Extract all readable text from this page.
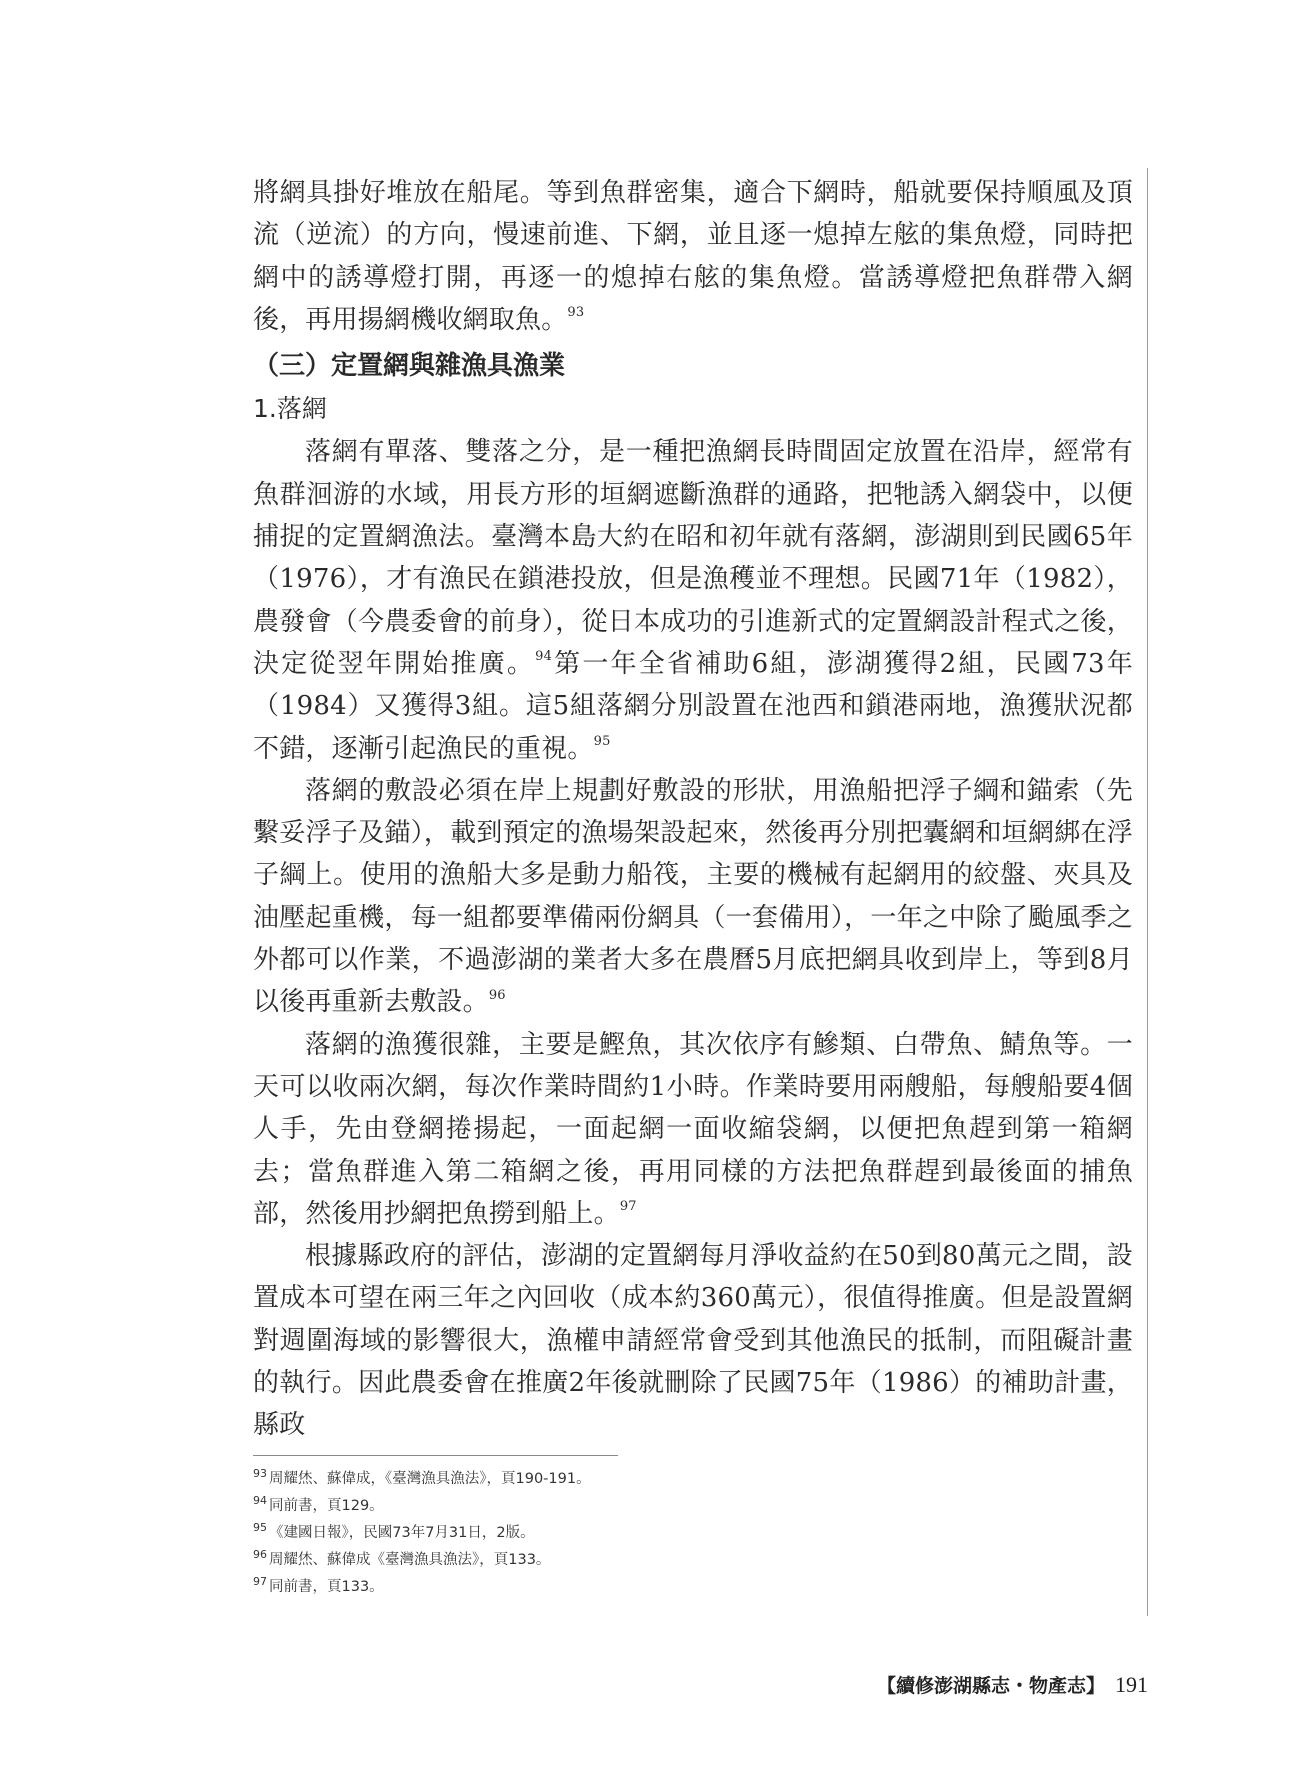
將網具掛好堆放在船尾。等到魚群密集，適合下網時，船就要保持順風及頂流（逆流）的方向，慢速前進、下網，並且逐一熄掉左舷的集魚燈，同時把網中的誘導燈打開，再逐一的熄掉右舷的集魚燈。當誘導燈把魚群帶入網後，再用揚網機收網取魚。$^{93}$

（三）定置網與雜漁具漁業

1.落網

落網有單落、雙落之分，是一種把漁網長時間固定放置在沿岸，經常有魚群洄游的水域，用長方形的垣網遮斷漁群的通路，把牠誘入網袋中，以便捕捉的定置網漁法。臺灣本島大約在昭和初年就有落網，澎湖則到民國65年（1976），才有漁民在鎖港投放，但是漁穫並不理想。民國71年（1982），農發會（今農委會的前身），從日本成功的引進新式的定置網設計程式之後，決定從翌年開始推廣。$^{94}$第一年全省補助6組，澎湖獲得2組，民國73年（1984）又獲得3組。這5組落網分別設置在池西和鎖港兩地，漁獲狀況都不錯，逐漸引起漁民的重視。$^{95}$

落網的敷設必須在岸上規劃好敷設的形狀，用漁船把浮子綱和錨索（先繫妥浮子及錨），載到預定的漁場架設起來，然後再分別把囊網和垣網綁在浮子綱上。使用的漁船大多是動力船筏，主要的機械有起網用的絞盤、夾具及油壓起重機，每一組都要準備兩份網具（一套備用），一年之中除了颱風季之外都可以作業，不過澎湖的業者大多在農曆5月底把網具收到岸上，等到8月以後再重新去敷設。$^{96}$

落網的漁獲很雜，主要是鰹魚，其次依序有鰺類、白帶魚、鯖魚等。一天可以收兩次網，每次作業時間約1小時。作業時要用兩艘船，每艘船要4個人手，先由登網捲揚起，一面起網一面收縮袋網，以便把魚趕到第一箱網去；當魚群進入第二箱網之後，再用同樣的方法把魚群趕到最後面的捕魚部，然後用抄網把魚撈到船上。$^{97}$

根據縣政府的評估，澎湖的定置網每月淨收益約在50到80萬元之間，設置成本可望在兩三年之內回收（成本約360萬元），很值得推廣。但是設置網對週圍海域的影響很大，漁權申請經常會受到其他漁民的抵制，而阻礙計畫的執行。因此農委會在推廣2年後就刪除了民國75年（1986）的補助計畫，縣政

$^{93}$ 周耀烋、蘇偉成，《臺灣漁具漁法》，頁190-191。

$^{94}$ 同前書，頁129。

$^{95}$ 《建國日報》，民國73年7月31日，2版。

$^{96}$ 周耀烋、蘇偉成《臺灣漁具漁法》，頁133。

$^{97}$ 同前書，頁133。

【續修澎湖縣志・物產志】 191
